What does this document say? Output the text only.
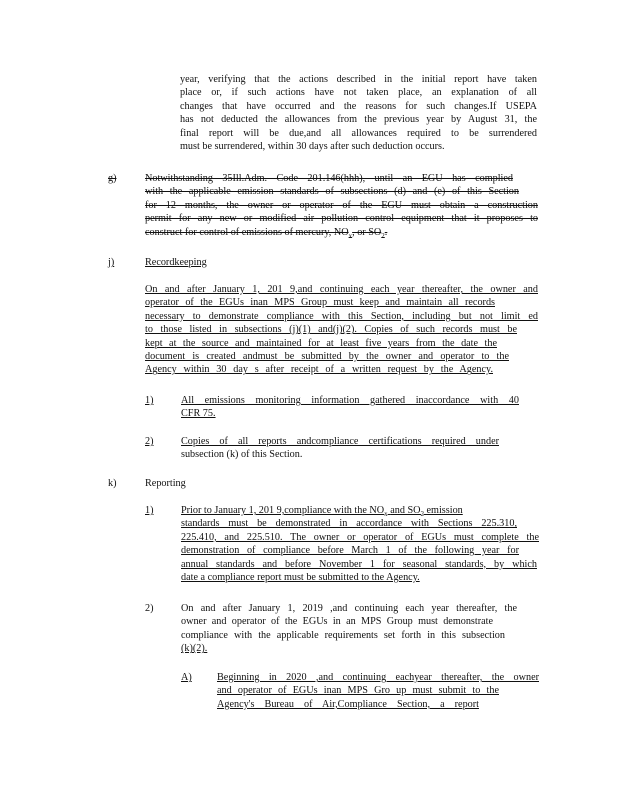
year, verifying that the actions described in the initial report have taken
place or, if such actions have not taken place, an explanation of all
changes that have occurred and the reasons for such changes.If USEPA
has not deducted the allowances from the previous year by August 31, the
final report will be due,and all allowances required to be surrendered
must be surrendered, within 30 days after such deduction occurs.
g)	Notwithstanding 35Ill.Adm. Code 201.146(hhh), until an EGU has complied
with the applicable emission standards of subsections (d) and (e) of this Section
for 12 months, the owner or operator of the EGU must obtain a construction
permit for any new or modified air pollution control equipment that it proposes to
construct for control of emissions of mercury, $NO_x$, or $SO_2$.
j)	Recordkeeping
On and after January 1, 201 9,and continuing each year thereafter, the owner and
operator of the EGUs inan MPS Group must keep and maintain all records
necessary to demonstrate compliance with this Section, including but not limit ed
to those listed in subsections (j)(1) and(j)(2). Copies of such records must be
kept at the source and maintained for at least five years from the date the
document is created andmust be submitted by the owner and operator to the
Agency within 30 day s after receipt of a written request by the Agency.
1)	All emissions monitoring information gathered inaccordance with 40
CFR 75.
2)	Copies of all reports andcompliance certifications required under
subsection (k) of this Section.
k)	Reporting
1)	Prior to January 1, 201 9,compliance with the $NO_x$ and $SO_2$ emission
standards must be demonstrated in accordance with Sections 225.310,
225.410, and 225.510. The owner or operator of EGUs must complete the
demonstration of compliance before March 1 of the following year for
annual standards and before November 1 for seasonal standards, by which
date a compliance report must be submitted to the Agency.
2)	On and after January 1, 2019 ,and continuing each year thereafter, the
owner and operator of the EGUs in an MPS Group must demonstrate
compliance with the applicable requirements set forth in this subsection
(k)(2).
A) Beginning in 2020 ,and continuing eachyear thereafter, the owner
and operator of EGUs inan MPS Gro up must submit to the
Agency's Bureau of Air,Compliance Section, a report
